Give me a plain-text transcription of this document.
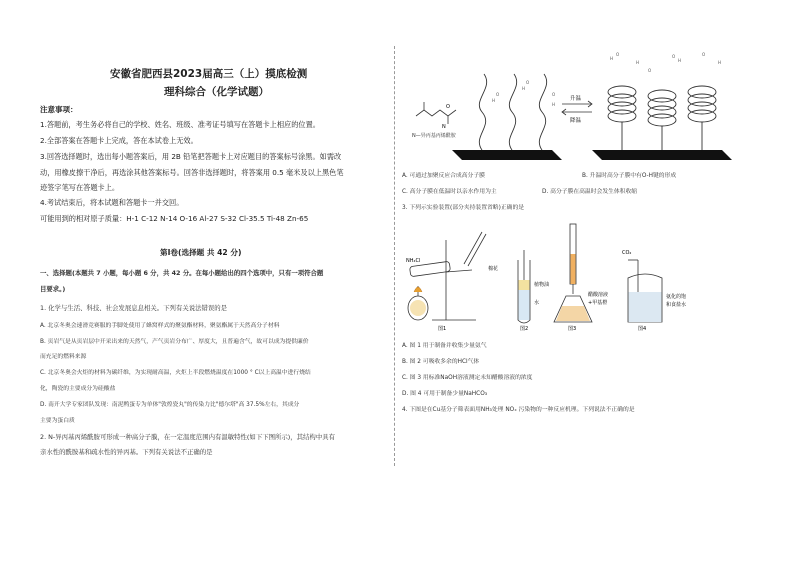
安徽省肥西县2023届高三（上）摸底检测
理科综合（化学试题）
注意事项：
1.答题前，考生务必将自己的学校、姓名、班级、准考证号填写在答题卡上相应的位置。
2.全部答案在答题卡上完成，答在本试卷上无效。
3.回答选择题时，选出每小题答案后，用 2B 铅笔把答题卡上对应题目的答案标号涂黑。如需改
动，用橡皮擦干净后，再选涂其他答案标号。回答非选择题时，将答案用 0.5 毫米及以上黑色笔
迹签字笔写在答题卡上。
4.考试结束后，将本试题和答题卡一并交回。
可能用到的相对原子质量：H-1 C-12 N-14 O-16 Al-27 S-32 Cl-35.5 Ti-48 Zn-65
第Ⅰ卷(选择题 共 42 分)
一、选择题(本题共 7 小题，每小题 6 分，共 42 分。在每小题给出的四个选项中，只有一项符合题
目要求。)
1. 化学与生活、科技、社会发展息息相关。下列有关说法错误的是
A. 北京冬奥会速滑竞赛服的手脚处使用了蜂窝样式的聚氨酯材料，聚氨酯属于天然高分子材料
B. 页岩气是从页岩层中开采出来的天然气，产气页岩分布广、厚度大，且普遍含气，故可以成为提供廉价
而充足的燃料来源
C. 北京冬奥会火炬的材料为碳纤维，为实现耐高温，火炬上半段燃烧温度在1000 ° C以上高温中进行烧结
化，陶瓷的主要成分为硅酸盐
D. 南开大学专家团队发现：南泥鸭蛋专为单体"敦煌瓷丸"的传染力比"德尔塔"高 37.5%左右，其成分
主要为蛋白质
2. N-异丙基丙烯酰胺可形成一种高分子膜，在一定温度范围内有温敏特性(如下下图所示)，其结构中具有
亲水性的酰胺基和疏水性的异丙基。下列有关说法不正确的是
N
O
H
O
H
O
H
O
升温
降温
H
O
H
O
H
O
H
O
N—异丙基丙烯酰胺
A. 可通过加聚反应合成高分子膜	B. 升温时高分子膜中有O-H键的形成
C. 高分子膜在低温时以亲水作用为主	D. 高分子膜在高温时会发生体积收缩
3. 下列示实验装置(部分夹持装置省略)正确的是
NH₄Cl
棉花
植物油
水
醋酸溶液
+甲基橙
CO₂
氨化的饱
和食盐水
图1	图2	图3	图4
A. 图 1 用于制备并收集少量氨气
B. 图 2 可吸收多余的HCl气体
C. 图 3 用标准NaOH溶液测定未知醋酸溶液的浓度
D. 图 4 可用于制备少量NaHCO₃
4. 下图是在Cu基分子筛表面用NH₃处理 NOₓ 污染物的一种反应机理。下列说法不正确的是
